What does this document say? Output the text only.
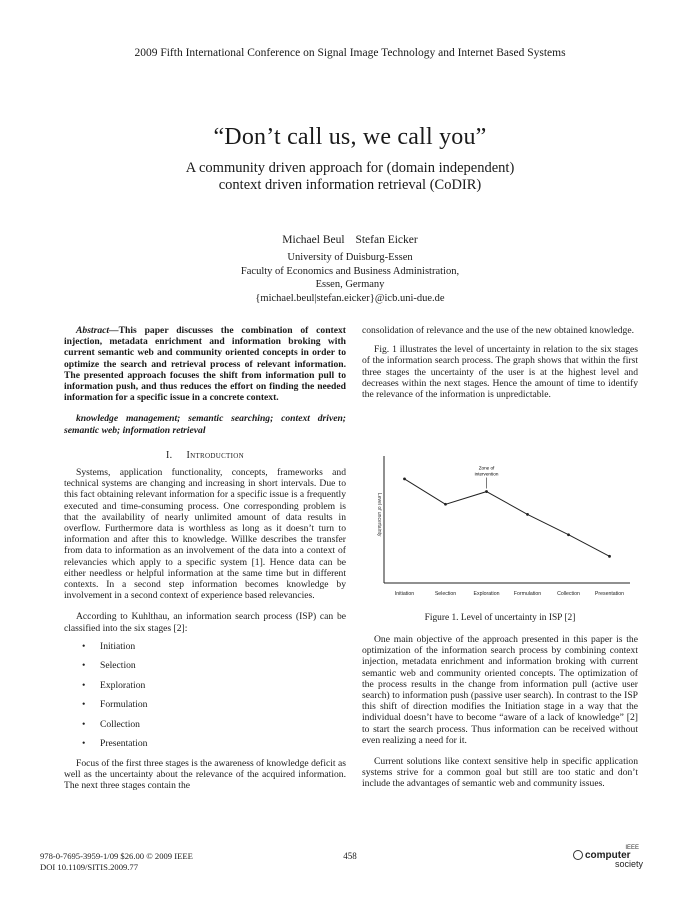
2009 Fifth International Conference on Signal Image Technology and Internet Based Systems
“Don’t call us, we call you”
A community driven approach for (domain independent)
context driven information retrieval (CoDIR)
Michael Beul Stefan Eicker
University of Duisburg-Essen
Faculty of Economics and Business Administration,
Essen, Germany
{michael.beul|stefan.eicker}@icb.uni-due.de

Abstract—This paper discusses the combination of context injection, metadata enrichment and information broking with current semantic web and community oriented concepts in order to optimize the search and retrieval process of relevant information. The presented approach focuses the shift from information pull to information push, and thus reduces the effort on finding the needed information for a specific issue in a concrete context.

knowledge management; semantic searching; context driven; semantic web; information retrieval

I. Introduction

Systems, application functionality, concepts, frameworks and technical systems are changing and increasing in short intervals. Due to this fact obtaining relevant information for a specific issue is a frequently executed and time-consuming process. One corresponding problem is that the availability of nearly unlimited amount of data results in overflow. Furthermore data is worthless as long as it doesn’t turn to information and after this to knowledge. Willke describes the transfer from data to information as an involvement of the data into a context of relevancies which apply to a specific system [1]. Hence data can be either needless or helpful information at the same time but in different contexts. In a second step information becomes knowledge by involvement in a second context of experience based relevancies.

According to Kuhlthau, an information search process (ISP) can be classified into the six stages [2]:

• Initiation
• Selection
• Exploration
• Formulation
• Collection
• Presentation

Focus of the first three stages is the awareness of knowledge deficit as well as the uncertainty about the relevance of the acquired information. The next three stages contain the

consolidation of relevance and the use of the new obtained knowledge.

Fig. 1 illustrates the level of uncertainty in relation to the six stages of the information search process. The graph shows that within the first three stages the uncertainty of the user is at the highest level and decreases within the next stages. Hence the amount of time to identify the relevance of the information is unpredictable.

Level of uncertainty
Initiation	Selection	Exploration	Formulation	Collection	Presentation
Zone of
intervention
Figure 1. Level of uncertainty in ISP [2]

One main objective of the approach presented in this paper is the optimization of the information search process by combining context injection, metadata enrichment and information broking with current semantic web and community oriented concepts. The optimization of the process results in the change from information pull (active user search) to information push (passive user search). In contrast to the ISP this shift of direction modifies the Initiation stage in a way that the individual doesn’t have to become “aware of a lack of knowledge” [2] to start the search process. Thus information can be received without even realizing a need for it.

Current solutions like context sensitive help in specific application systems strive for a common goal but still are too static and don’t include the advantages of semantic web and community issues.

978-0-7695-3959-1/09 $26.00 © 2009 IEEE
DOI 10.1109/SITIS.2009.77
458
IEEE
computer
society
